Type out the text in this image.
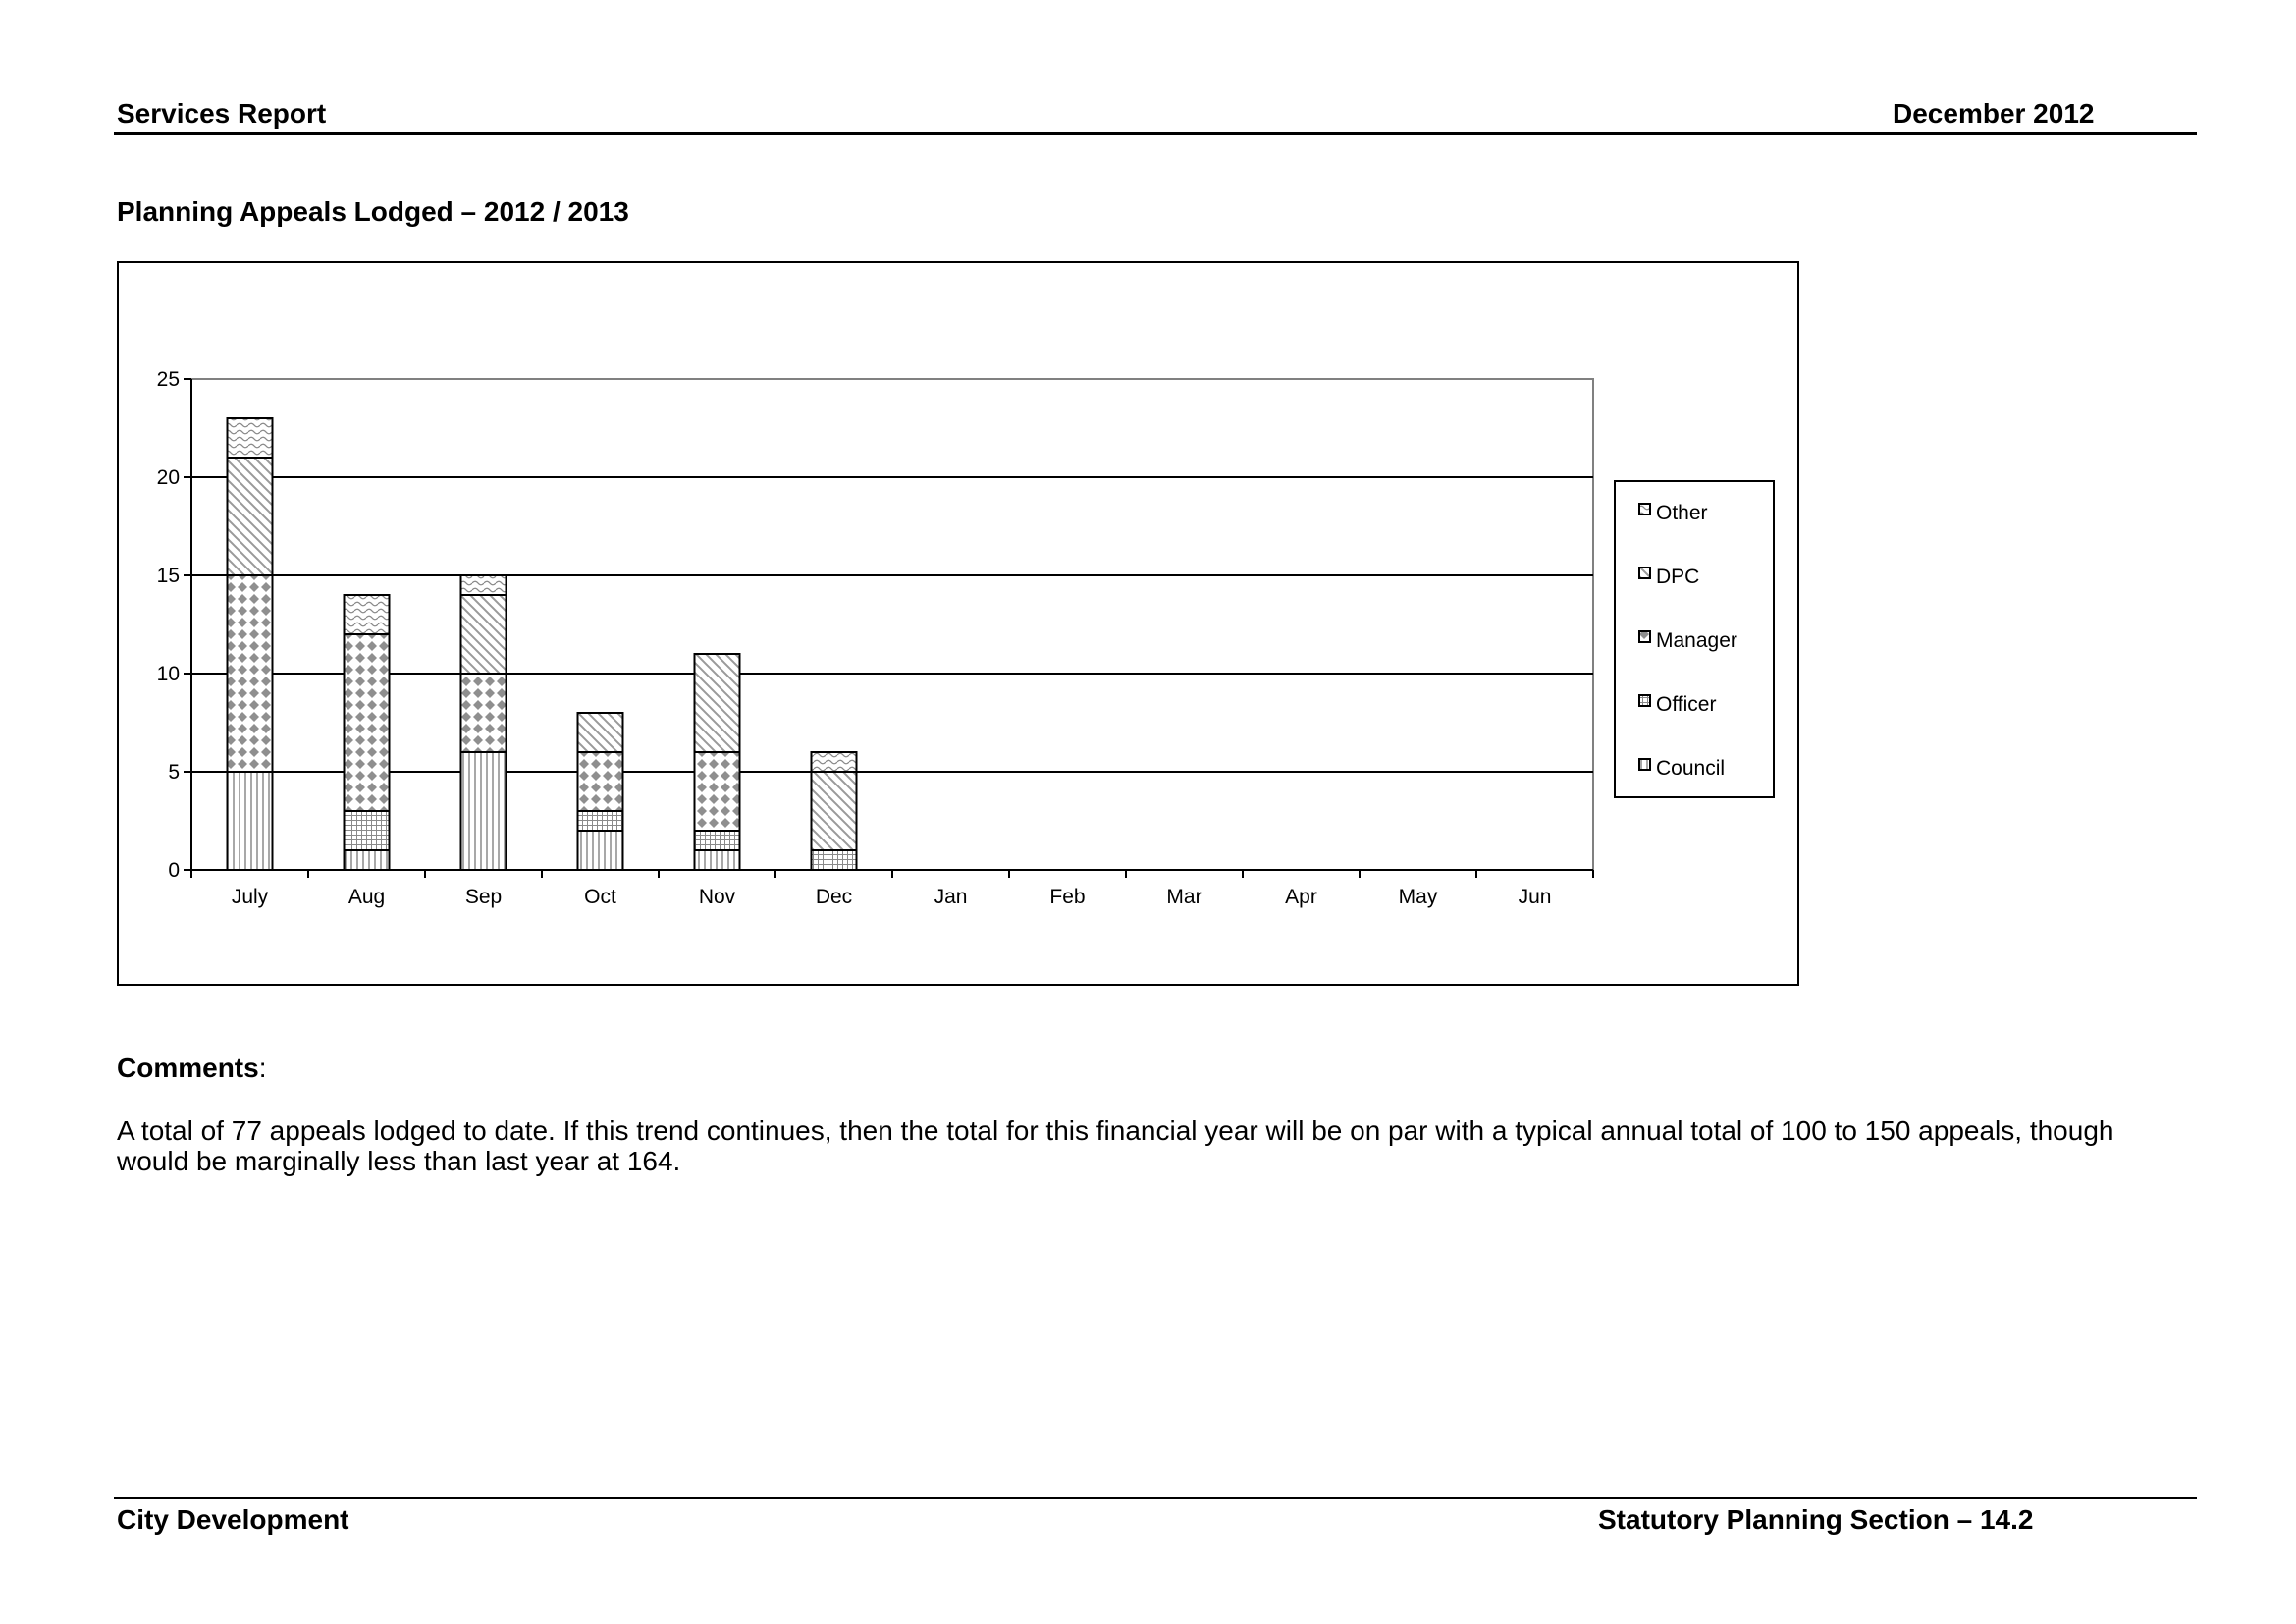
Services Report	December 2012
Planning Appeals Lodged – 2012 / 2013
0
5
10
15
20
25
July	Aug	Sep	Oct	Nov	Dec	Jan	Feb	Mar	Apr	May	Jun
Other
DPC
Manager
Officer
Council
Comments:
A total of 77 appeals lodged to date. If this trend continues, then the total for this financial year will be on par with a typical annual total of 100 to 150 appeals, though would be marginally less than last year at 164.
City Development	Statutory Planning Section – 14.2
